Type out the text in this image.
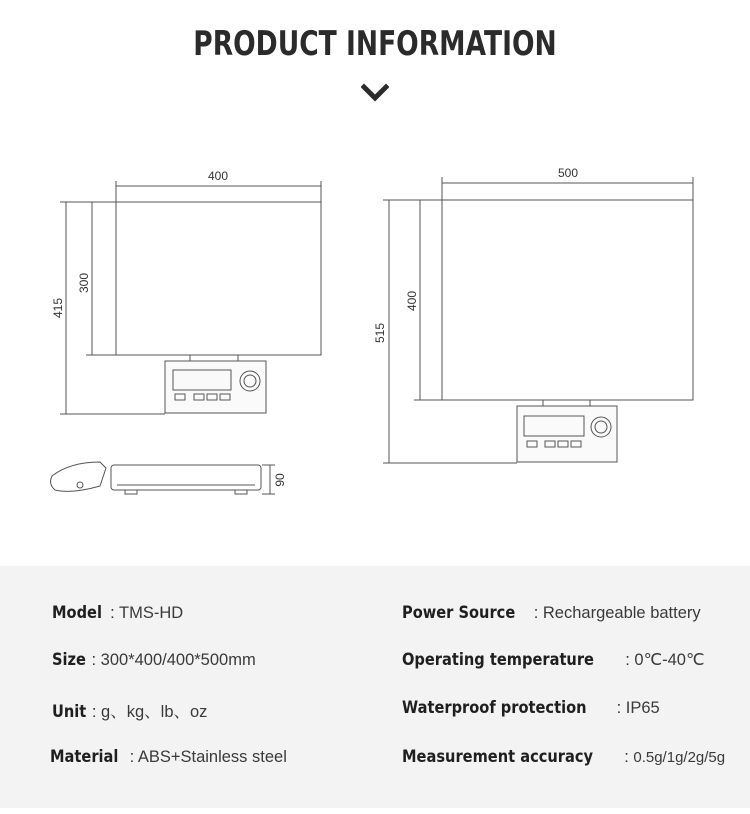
PRODUCT INFORMATION
400
300
415
500
400
515
90
Model : TMS-HD
Size : 300*400/400*500mm
Unit : g、kg、lb、oz
Material : ABS+Stainless steel
Power Source : Rechargeable battery
Operating temperature : 0℃-40℃
Waterproof protection : IP65
Measurement accuracy : 0.5g/1g/2g/5g
